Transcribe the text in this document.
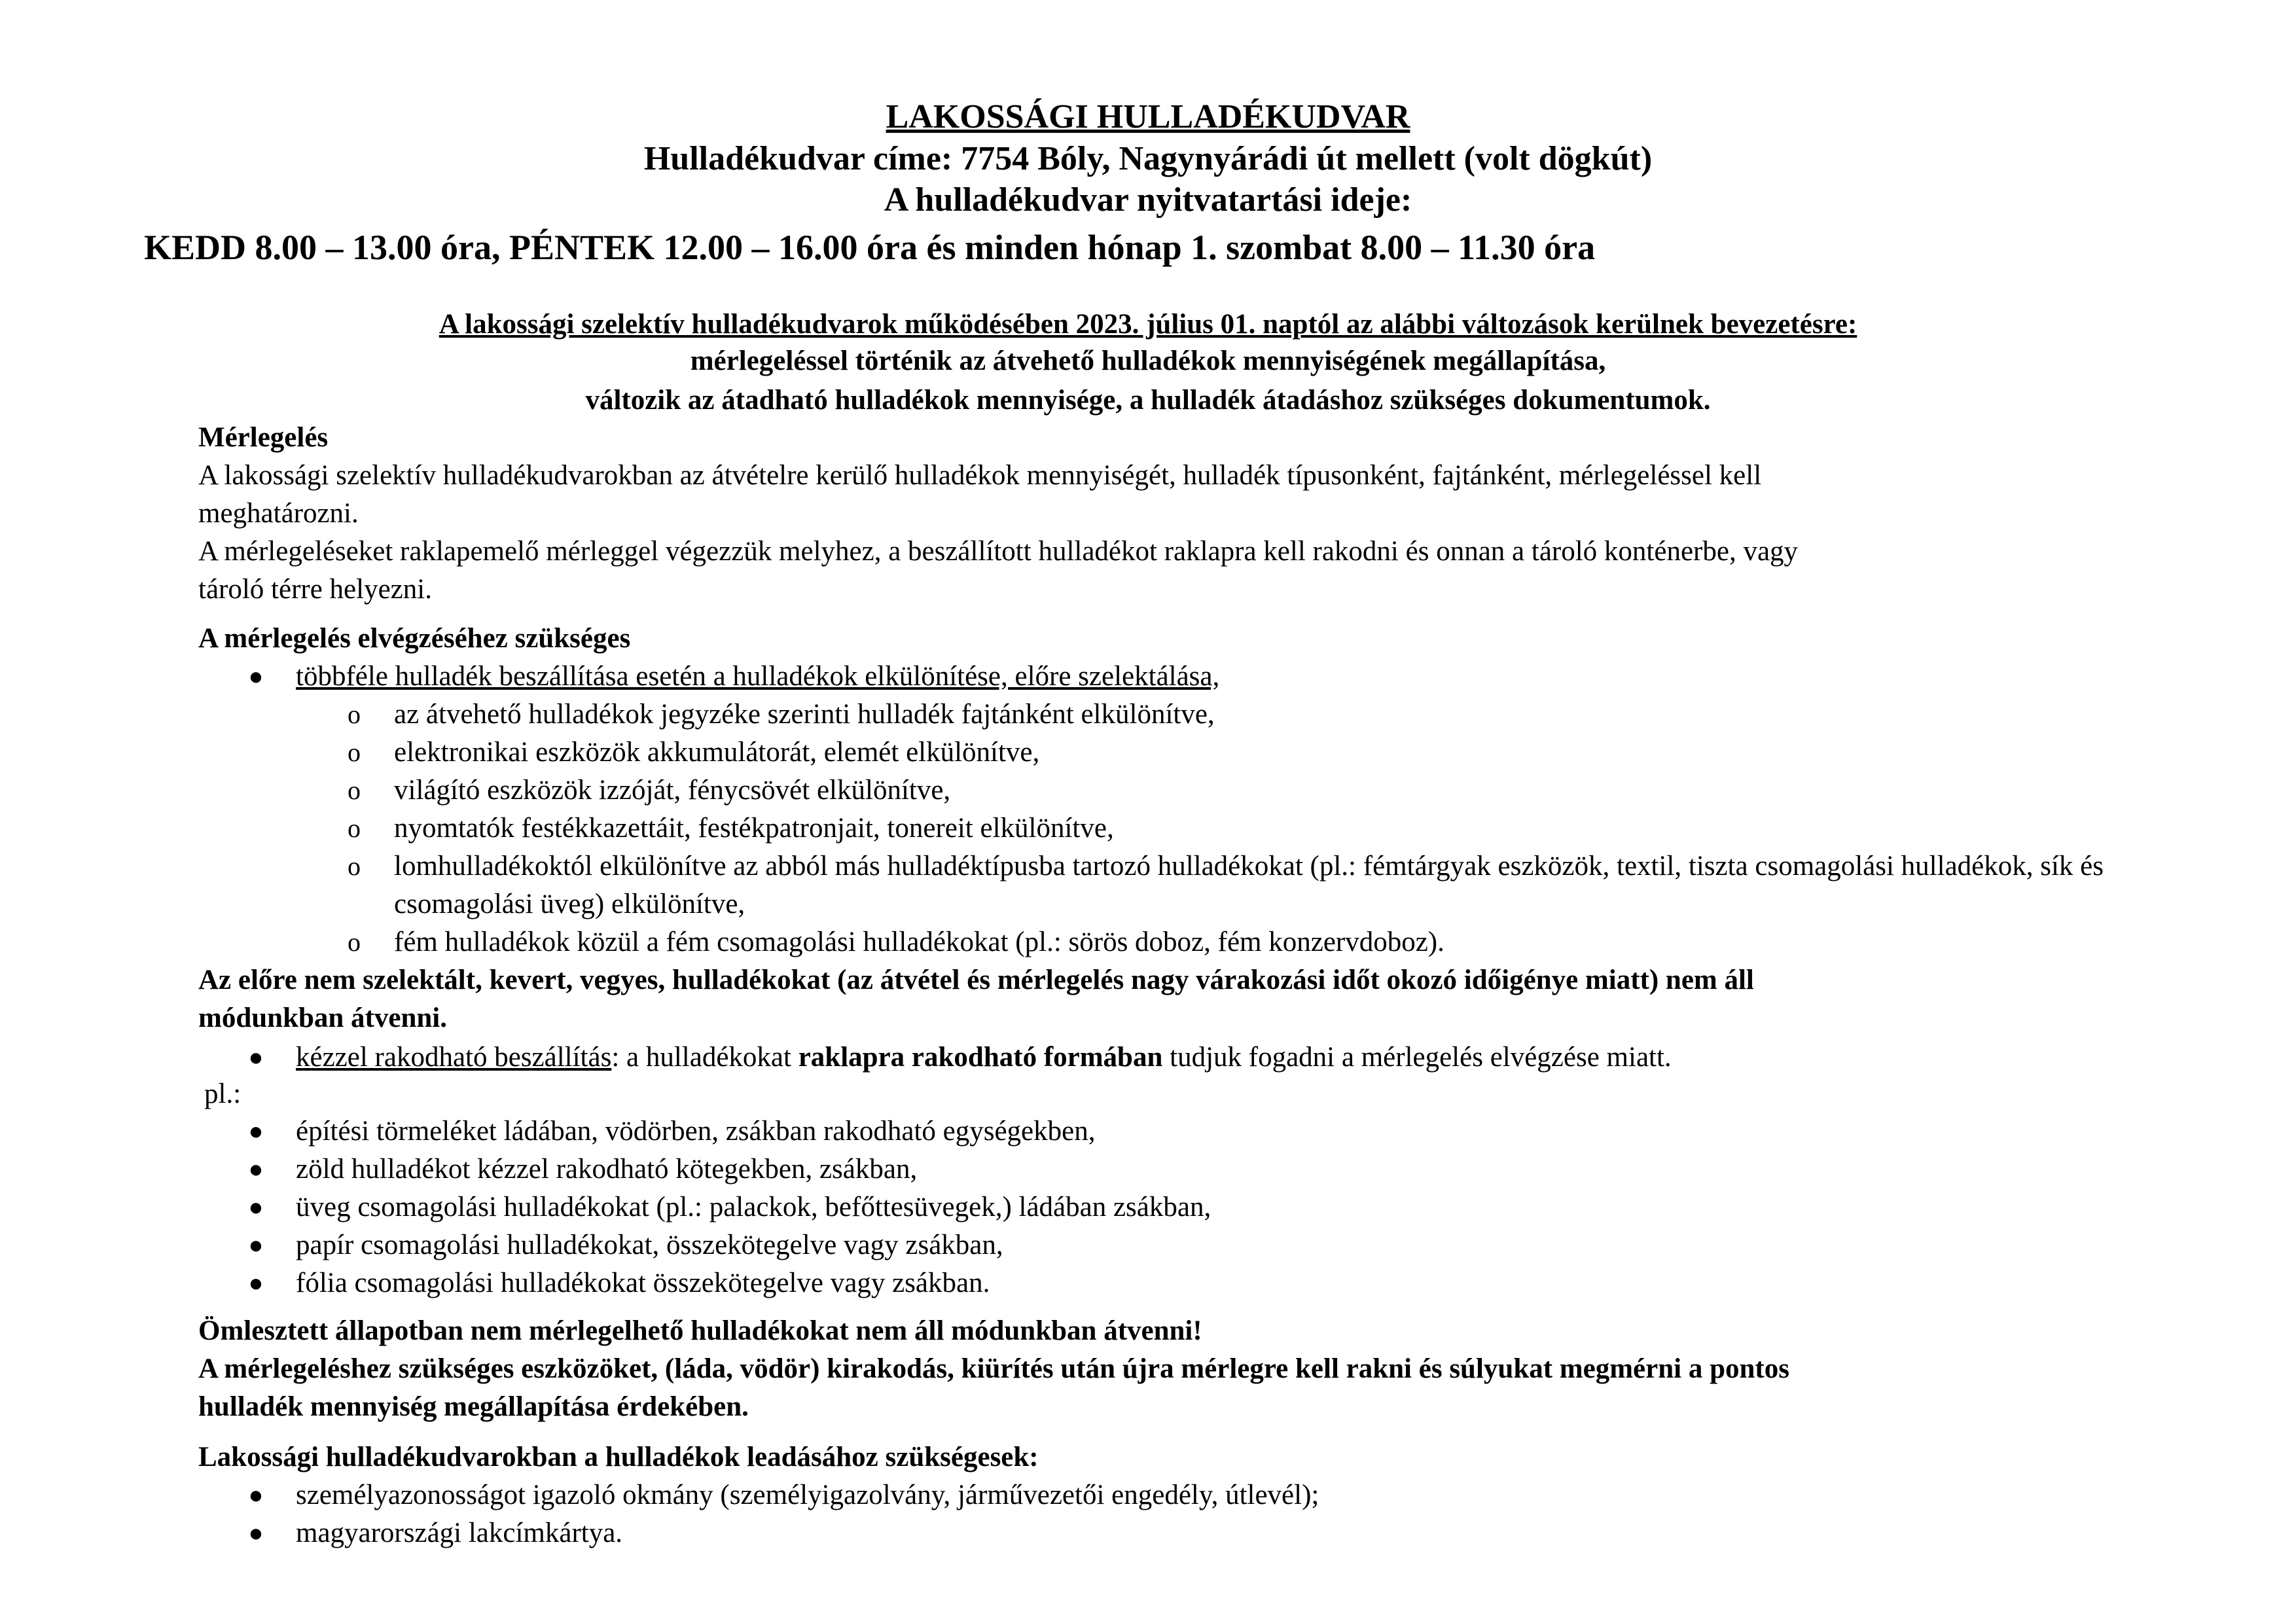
LAKOSSÁGI HULLADÉKUDVAR

Hulladékudvar címe: 7754 Bóly, Nagynyárádi út mellett (volt dögkút)

A hulladékudvar nyitvatartási ideje:

KEDD 8.00 – 13.00 óra, PÉNTEK 12.00 – 16.00 óra és minden hónap 1. szombat 8.00 – 11.30 óra

A lakossági szelektív hulladékudvarok működésében 2023. július 01. naptól az alábbi változások kerülnek bevezetésre:

mérlegeléssel történik az átvehető hulladékok mennyiségének megállapítása,

változik az átadható hulladékok mennyisége, a hulladék átadáshoz szükséges dokumentumok.

Mérlegelés

A lakossági szelektív hulladékudvarokban az átvételre kerülő hulladékok mennyiségét, hulladék típusonként, fajtánként, mérlegeléssel kell

meghatározni.

A mérlegeléseket raklapemelő mérleggel végezzük melyhez, a beszállított hulladékot raklapra kell rakodni és onnan a tároló konténerbe, vagy

tároló térre helyezni.

A mérlegelés elvégzéséhez szükséges

● többféle hulladék beszállítása esetén a hulladékok elkülönítése, előre szelektálása,
o az átvehető hulladékok jegyzéke szerinti hulladék fajtánként elkülönítve,
o elektronikai eszközök akkumulátorát, elemét elkülönítve,
o világító eszközök izzóját, fénycsövét elkülönítve,
o nyomtatók festékkazettáit, festékpatronjait, tonereit elkülönítve,
o lomhulladékoktól elkülönítve az abból más hulladéktípusba tartozó hulladékokat (pl.: fémtárgyak eszközök, textil, tiszta csomagolási hulladékok, sík és csomagolási üveg) elkülönítve,
o fém hulladékok közül a fém csomagolási hulladékokat (pl.: sörös doboz, fém konzervdoboz).

Az előre nem szelektált, kevert, vegyes, hulladékokat (az átvétel és mérlegelés nagy várakozási időt okozó időigénye miatt) nem áll

módunkban átvenni.

● kézzel rakodható beszállítás: a hulladékokat raklapra rakodható formában tudjuk fogadni a mérlegelés elvégzése miatt.

pl.:

● építési törmeléket ládában, vödörben, zsákban rakodható egységekben,
● zöld hulladékot kézzel rakodható kötegekben, zsákban,
● üveg csomagolási hulladékokat (pl.: palackok, befőttesüvegek,) ládában zsákban,
● papír csomagolási hulladékokat, összekötegelve vagy zsákban,
● fólia csomagolási hulladékokat összekötegelve vagy zsákban.

Ömlesztett állapotban nem mérlegelhető hulladékokat nem áll módunkban átvenni!

A mérlegeléshez szükséges eszközöket, (láda, vödör) kirakodás, kiürítés után újra mérlegre kell rakni és súlyukat megmérni a pontos

hulladék mennyiség megállapítása érdekében.

Lakossági hulladékudvarokban a hulladékok leadásához szükségesek:

● személyazonosságot igazoló okmány (személyigazolvány, járművezetői engedély, útlevél);
● magyarországi lakcímkártya.
